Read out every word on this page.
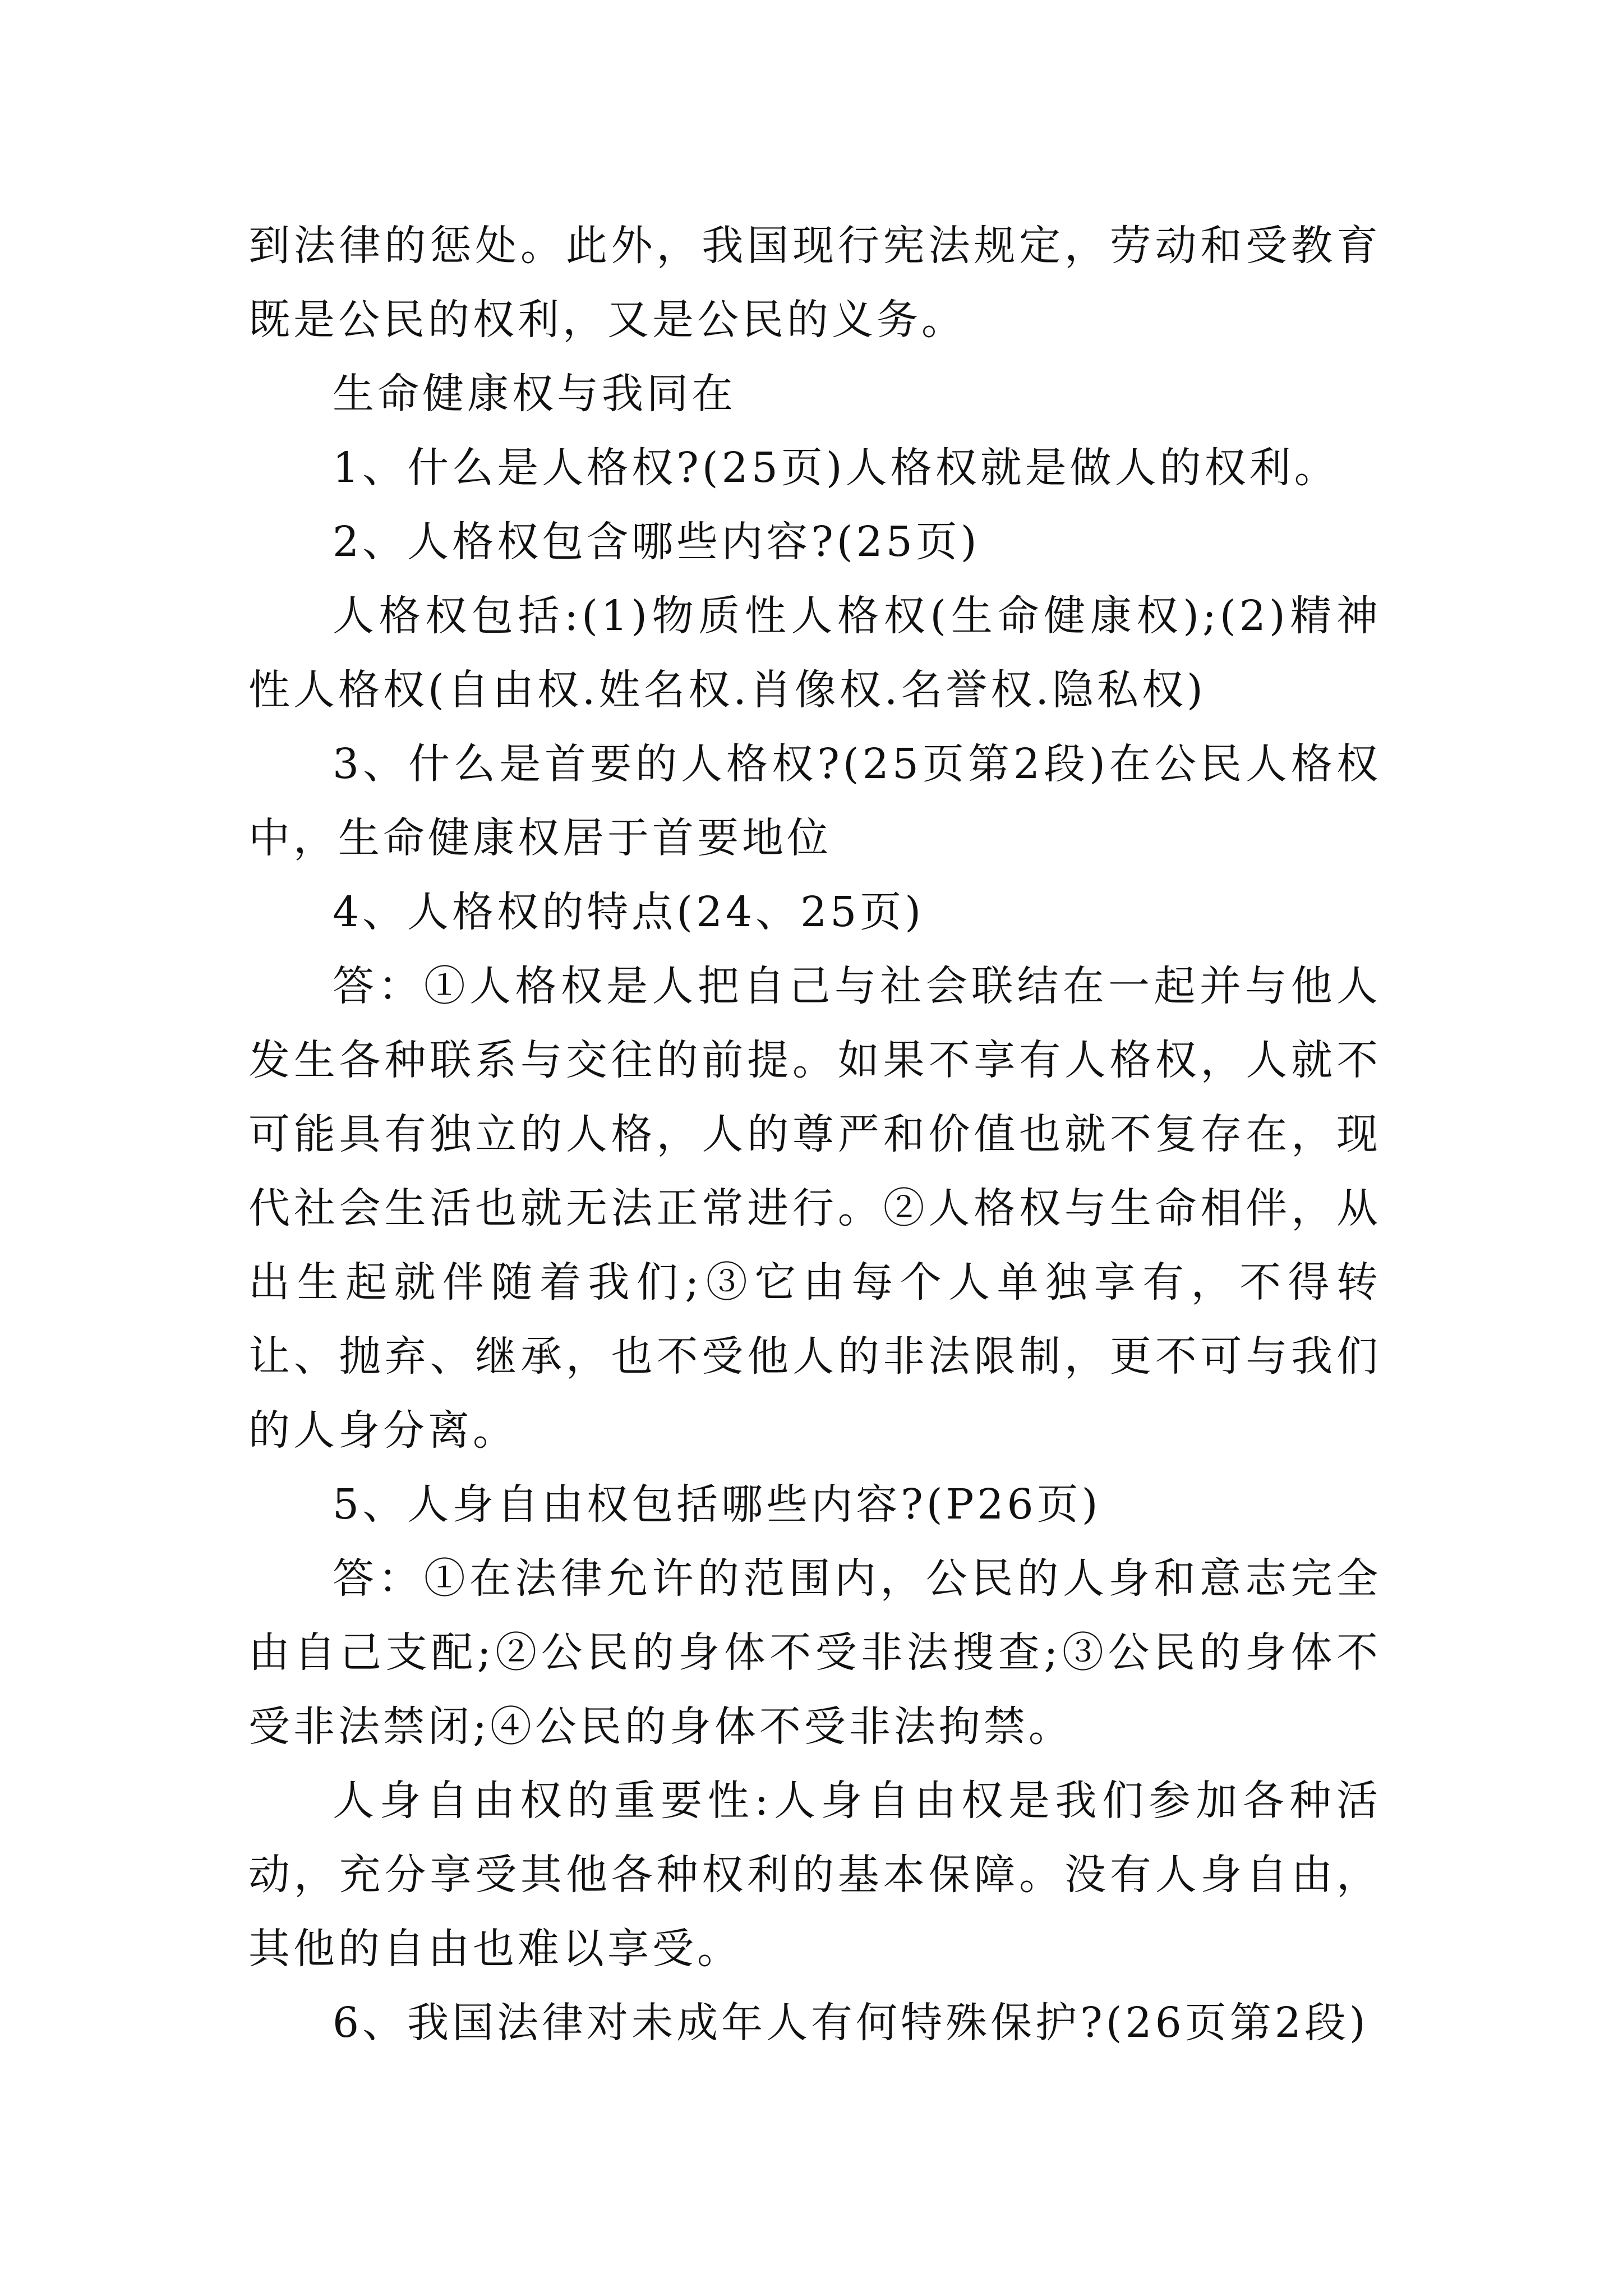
到法律的惩处。此外，我国现行宪法规定，劳动和受教育既是公民的权利，又是公民的义务。

生命健康权与我同在

1、什么是人格权?(25页)人格权就是做人的权利。

2、人格权包含哪些内容?(25页)

人格权包括:(1)物质性人格权(生命健康权);(2)精神性人格权(自由权.姓名权.肖像权.名誉权.隐私权)

3、什么是首要的人格权?(25页第2段)在公民人格权中，生命健康权居于首要地位

4、人格权的特点(24、25页)

答：①人格权是人把自己与社会联结在一起并与他人发生各种联系与交往的前提。如果不享有人格权，人就不可能具有独立的人格，人的尊严和价值也就不复存在，现代社会生活也就无法正常进行。②人格权与生命相伴，从出生起就伴随着我们;③它由每个人单独享有，不得转让、抛弃、继承，也不受他人的非法限制，更不可与我们的人身分离。

5、人身自由权包括哪些内容?(P26页)

答：①在法律允许的范围内，公民的人身和意志完全由自己支配;②公民的身体不受非法搜查;③公民的身体不受非法禁闭;④公民的身体不受非法拘禁。

人身自由权的重要性:人身自由权是我们参加各种活动，充分享受其他各种权利的基本保障。没有人身自由，其他的自由也难以享受。

6、我国法律对未成年人有何特殊保护?(26页第2段)
